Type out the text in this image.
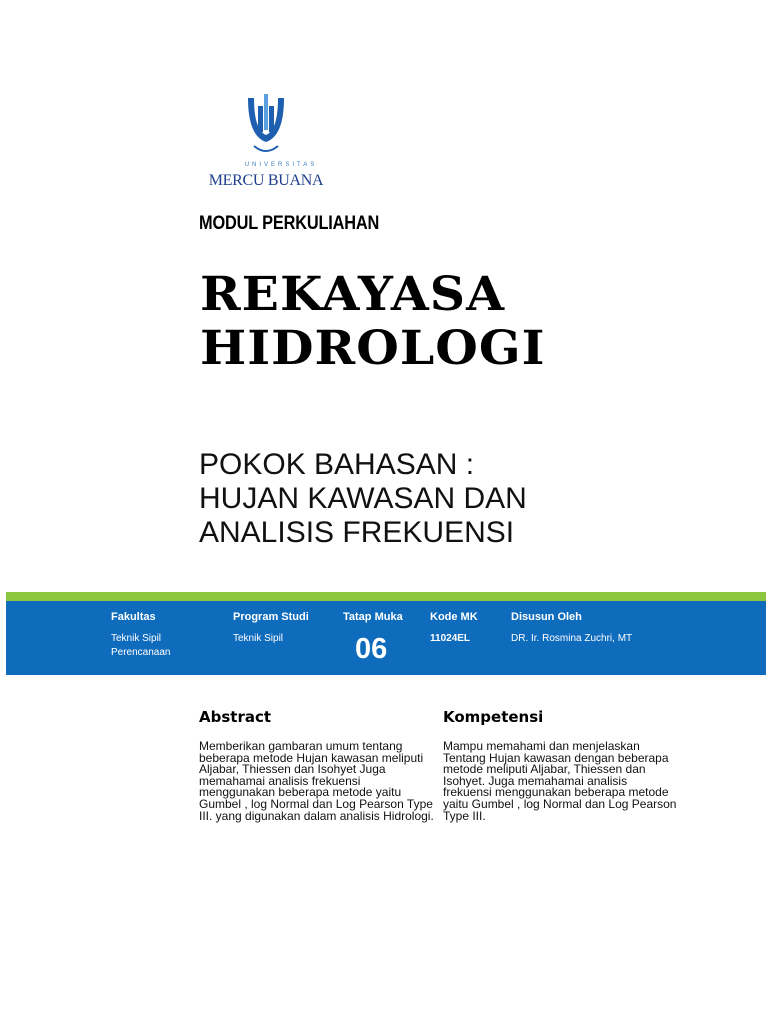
UNIVERSITAS
MERCU BUANA
MODUL PERKULIAHAN
REKAYASA
HIDROLOGI
POKOK BAHASAN :
HUJAN KAWASAN DAN
ANALISIS FREKUENSI
Fakultas
Teknik Sipil
Perencanaan
Program Studi
Teknik Sipil
Tatap Muka
06
Kode MK
11024EL
Disusun Oleh
DR. Ir. Rosmina Zuchri, MT
Abstract
Memberikan gambaran umum tentang beberapa metode Hujan kawasan meliputi Aljabar, Thiessen dan Isohyet Juga memahamai analisis frekuensi menggunakan beberapa metode yaitu Gumbel , log Normal dan Log Pearson Type III. yang digunakan dalam analisis Hidrologi.
Kompetensi
Mampu memahami dan menjelaskan Tentang Hujan kawasan dengan beberapa metode meliputi Aljabar, Thiessen dan Isohyet. Juga memahamai analisis frekuensi menggunakan beberapa metode yaitu Gumbel , log Normal dan Log Pearson Type III.
